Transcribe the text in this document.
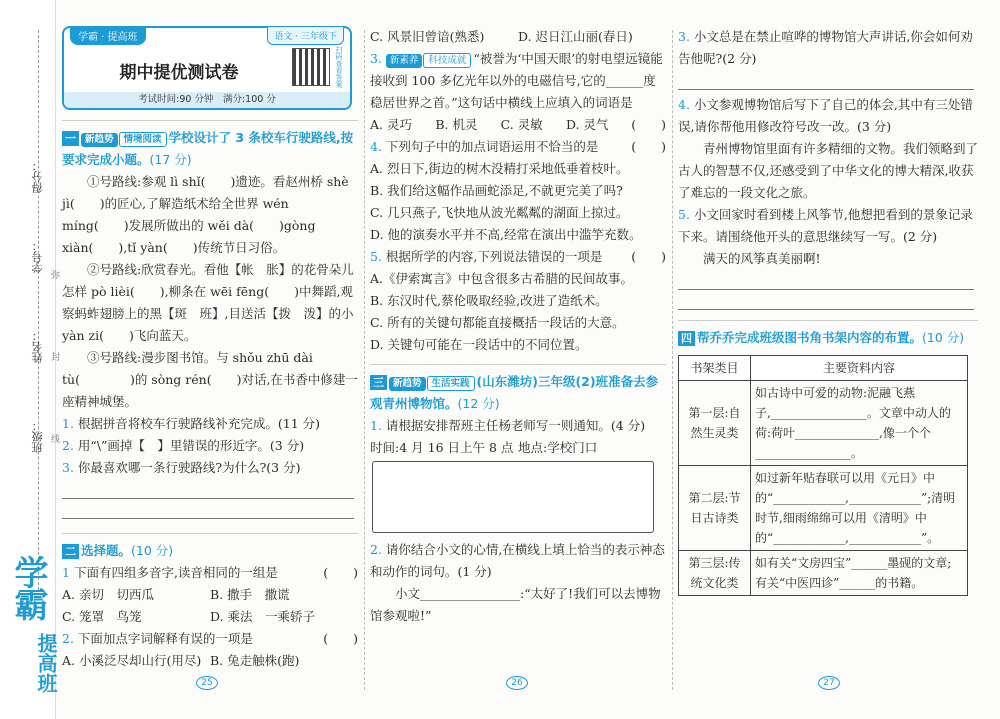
得分：
学号：
姓名：
班级：
弥
封
线
学霸
提高班
学霸 · 提高班	语文 · 三年级下
期中提优测试卷	扫码查看答案
考试时间:90 分钟　满分:100 分
一 新趋势 情境阅读 学校设计了 3 条校车行驶路线,按要求完成小题。(17 分)

①号路线:参观 lì shǐ(　　)遗迹。看赵州桥 shè jì(　　)的匠心,了解造纸术给全世界 wén míng(　　)发展所做出的 wěi dà(　　)gòng xiàn(　　),tǐ yàn(　　)传统节日习俗。

②号路线:欣赏春光。看他【帐　胀】的花骨朵儿怎样 pò lièi(　　),柳条在 wēi fēng(　　)中舞蹈,观察蚂蚱翅膀上的黑【斑　班】,目送活【拨　泼】的小 yàn zi(　　)飞向蓝天。

③号路线:漫步图书馆。与 shǒu zhū dài tù(　　　　)的 sòng rén(　　)对话,在书香中修建一座精神城堡。

1. 根据拼音将校车行驶路线补充完成。(11 分)

2. 用“\”画掉【　】里错误的形近字。(3 分)

3. 你最喜欢哪一条行驶路线?为什么?(3 分)

二 选择题。(10 分)

1 下面有四组多音字,读音相同的一组是	(　　)

A. 亲切　切西瓜	B. 撒手　撒谎
C. 笼罩　鸟笼	D. 乘法　一乘轿子

2. 下面加点字词解释有误的一项是	(　　)

A. 小溪泛尽却山行(用尽) B. 兔走触株(跑)
C. 风景旧曾谙(熟悉)	D. 迟日江山丽(春日)

3. 新素养 科技成就 “被誉为‘中国天眼’的射电望远镜能接收到 100 多亿光年以外的电磁信号,它的______度稳居世界之首。”这句话中横线上应填入的词语是
(　　)

A. 灵巧	B. 机灵	C. 灵敏	D. 灵气

4. 下列句子中的加点词语运用不恰当的是	(　　)

A. 烈日下,街边的树木没精打采地低垂着枝叶。

B. 我们给这幅作品画蛇添足,不就更完美了吗?

C. 几只燕子,飞快地从波光粼粼的湖面上掠过。

D. 他的演奏水平并不高,经常在演出中滥竽充数。

5. 根据所学的内容,下列说法错误的一项是 (　　)

A.《伊索寓言》中包含很多古希腊的民间故事。

B. 东汉时代,蔡伦吸取经验,改进了造纸术。

C. 所有的关键句都能直接概括一段话的大意。

D. 关键句可能在一段话中的不同位置。

三 新趋势 生活实践 (山东潍坊)三年级(2)班准备去参观青州博物馆。(12 分)

1. 请根据安排帮班主任杨老师写一则通知。(4 分)

时间:4 月 16 日上午 8 点 地点:学校门口

2. 请你结合小文的心情,在横线上填上恰当的表示神态和动作的词句。(1 分)

小文________________:“太好了!我们可以去博物馆参观啦!”

3. 小文总是在禁止喧哗的博物馆大声讲话,你会如何劝告他呢?(2 分)

4. 小文参观博物馆后写下了自己的体会,其中有三处错误,请你帮他用修改符号改一改。(3 分)

青州博物馆里面有许多精细的文物。我们领略到了古人的智慧不仅,还感受到了中华文化的博大精深,收获了难忘的一段文化之旅。

5. 小文回家时看到楼上风筝节,他想把看到的景象记录下来。请围绕他开头的意思继续写一写。(2 分)

满天的风筝真美丽啊!

四 帮乔乔完成班级图书角书架内容的布置。(10 分)
书架类目	主要资料内容
第一层:自然生灵类	如古诗中可爱的动物:泥融飞燕子,________________。文章中动人的荷:荷叶______________,像一个个________________。
第二层:节日古诗类	如过新年贴春联可以用《元日》中的“____________,____________”;清明时节,细雨绵绵可以用《清明》中的“____________,____________”。
第三层:传统文化类	如有关“文房四宝”______墨砚的文章;有关“中医四诊”______的书籍。
25	26	27
